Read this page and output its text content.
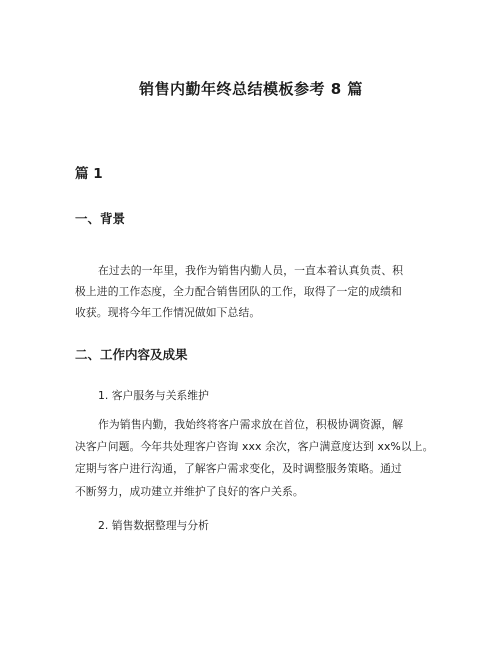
销售内勤年终总结模板参考 8 篇
篇 1
一、背景
在过去的一年里，我作为销售内勤人员，一直本着认真负责、积
极上进的工作态度，全力配合销售团队的工作，取得了一定的成绩和
收获。现将今年工作情况做如下总结。
二、工作内容及成果
1. 客户服务与关系维护
作为销售内勤，我始终将客户需求放在首位，积极协调资源，解
决客户问题。今年共处理客户咨询 xxx 余次，客户满意度达到 xx%以上。
定期与客户进行沟通，了解客户需求变化，及时调整服务策略。通过
不断努力，成功建立并维护了良好的客户关系。
2. 销售数据整理与分析
